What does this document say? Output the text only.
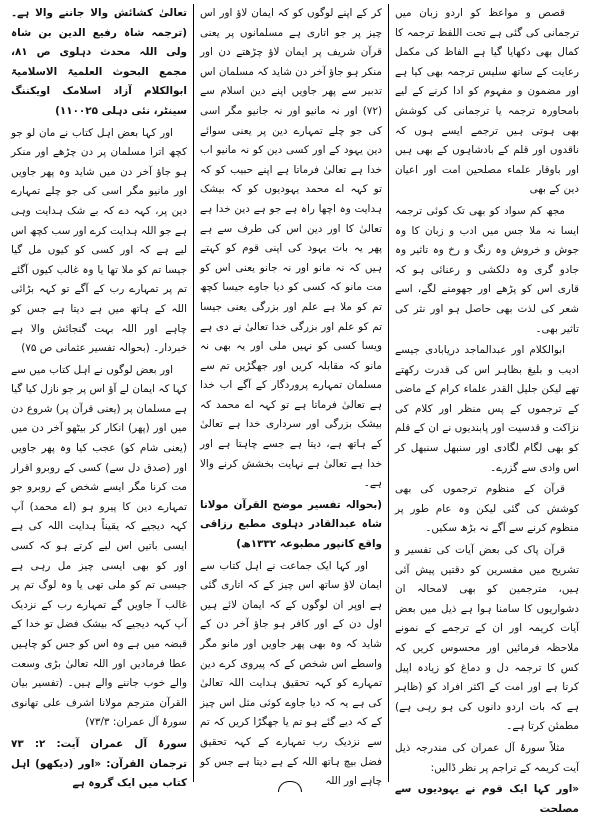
قصص و مواعظ کو اردو زبان میں ترجمانی کی گئی ہے تحت اللفظ ترجمہ کا کمال بھی دکھایا گیا ہے الفاظ کی مکمل رعایت کے ساتھ سلیس ترجمہ بھی کیا ہے اور مضمون و مفہوم کو ادا کرنے کے لیے بامحاورہ ترجمہ یا ترجمانی کی کوشش بھی ہوتی ہیں ترجمے ایسے ہوں کہ ناقدوں اور قلم کے بادشاہوں کے بھی ہیں اور باوقار علماء مصلحین امت اور اعیان دین کے بھی

مجھ کم سواد کو بھی تک کوئی ترجمہ ایسا نہ ملا جس میں ادب و زبان کا وہ جوش و خروش وہ رنگ و رخ وہ تاثیر وہ جادو گری وہ دلکشی و رعنائی ہو کہ قاری اس کو پڑھے اور جھومنے لگے، اسے شعر کی لذت بھی حاصل ہو اور نثر کی تاثیر بھی۔

ابوالکلام اور عبدالماجد دریابادی جیسے ادیب و بلیغ بظاہر اس کی قدرت رکھتے تھے لیکن جلیل القدر علماء کرام کے ماضی کے ترجموں کے پس منظر اور کلام کی نزاکت و قدسیت اور پابندیوں نے ان کے قلم کو بھی لگام لگادی اور سنبھل سنبھل کر اس وادی سے گزرے۔

قرآن کے منظوم ترجموں کی بھی کوشش کی گئی لیکن وہ عام طور پر منظوم کرنے سے آگے نہ بڑھ سکیں۔

قرآن پاک کی بعض آیات کی تفسیر و تشریح میں مفسرین کو دقتیں پیش آئی ہیں، مترجمین کو بھی لامحالہ ان دشواریوں کا سامنا ہوا ہے ذیل میں بعض آیات کریمہ اور ان کے ترجمے کے نمونے ملاحظہ فرمائیں اور محسوس کریں کہ کس کا ترجمہ دل و دماغ کو زیادہ اپیل کرتا ہے اور امت کے اکثر افراد کو (ظاہر ہے کہ بات اردو دانوں کی ہو رہی ہے) مطمئن کرتا ہے۔

مثلاً سورۂ آل عمران کی مندرجہ ذیل آیت کریمہ کے تراجم پر نظر ڈالیں:

«اور کہا ایک قوم نے یہودیوں سے مصلحت

کر کے اپنے لوگوں کو کہ ایمان لاؤ اور اس چیز پر جو اتاری ہے مسلمانوں پر یعنی قرآن شریف پر ایمان لاؤ چڑھتے دن اور منکر ہو جاؤ آخر دن شاید کہ مسلمان اس تدبیر سے پھر جاویں اپنے دین اسلام سے (۷۲) اور نہ مانیو اور نہ جانیو مگر اسی کی جو چلے تمہارے دین پر یعنی سوائے دین یہود کے اور کسی دین کو نہ مانیو اب خدا ہے تعالیٰ فرماتا ہے اپنے حبیب کو کہ تو کہہ اے محمد یہودیوں کو کہ بیشک ہدایت وہ اچھا راہ ہے جو ہے دین خدا ہے تعالیٰ کا اور دین اس کی طرف سے ہے پھر یہ بات یہود کی اپنی قوم کو کہتے ہیں کہ نہ مانو اور نہ جانو یعنی اس کو مت مانو کہ کسی کو دیا جاوے جیسا کچھ تم کو ملا ہے علم اور بزرگی یعنی جیسا تم کو علم اور بزرگی خدا تعالیٰ نے دی ہے ویسا کسی کو نہیں ملی اور یہ بھی نہ مانو کہ مقابلہ کریں اور جھگڑیں تم سے مسلمان تمہارے پروردگار کے آگے اب خدا ہے تعالیٰ فرماتا ہے تو کہہ اے محمد کہ بیشک بزرگی اور سرداری خدا ہے تعالیٰ کے ہاتھ ہے، دیتا ہے جسے چاہتا ہے اور خدا ہے تعالیٰ ہے نہایت بخشش کرنے والا ہے۔

(بحوالہ تفسیر موضح القرآن مولانا شاہ عبدالقادر دہلوی مطبع رزاقی واقع کانپور مطبوعہ ۱۳۳۲ھ)

اور کہا ایک جماعت نے اہل کتاب سے ایمان لاؤ ساتھ اس چیز کے کہ اتاری گئی ہے اوپر ان لوگوں کے کہ ایمان لائے ہیں اول دن کے اور کافر ہو جاؤ آخر دن کے شاید کہ وہ بھی پھر جاویں اور مانو مگر واسطے اس شخص کے کہ پیروی کرے دین تمہارے کو کہہ تحقیق ہدایت اللہ تعالیٰ کی ہے یہ کہ دیا جاوے کوئی مثل اس چیز کے کہ دیے گئے ہو تم یا جھگڑا کریں کہ تم سے نزدیک رب تمہارے کے کہہ تحقیق فضل بیچ ہاتھ اللہ کے ہے دیتا ہے جس کو چاہے اور اللہ

تعالیٰ کشائش والا جاننے والا ہے۔ (ترجمہ شاہ رفیع الدین بن شاہ ولی اللہ محدث دہلوی ص ۸۱، مجمع البحوث العلمیۃ الاسلامیۃ ابوالکلام آزاد اسلامک اویکننگ سینٹر، نئی دہلی ۱۱۰۰۲۵)

اور کہا بعض اہل کتاب نے مان لو جو کچھ اترا مسلمان پر دن چڑھے اور منکر ہو جاؤ آخر دن میں شاید وہ پھر جاویں اور مانیو مگر اسی کی جو چلے تمہارے دین پر، کہہ دے کہ بے شک ہدایت وہی ہے جو اللہ ہدایت کرے اور سب کچھ اس لیے ہے کہ اور کسی کو کیوں مل گیا جیسا تم کو ملا تھا یا وہ غالب کیوں آگئے تم پر تمہارے رب کے آگے تو کہہ بڑائی اللہ کے ہاتھ میں ہے دیتا ہے جس کو چاہے اور اللہ بہت گنجائش والا ہے خبردار۔ (بحوالہ تفسیر عثمانی ص ۷۵)

اور بعض لوگوں نے اہل کتاب میں سے کہا کہ ایمان لے آؤ اس پر جو نازل کیا گیا ہے مسلمان پر (یعنی قرآن پر) شروع دن میں اور (پھر) انکار کر بیٹھو آخر دن میں (یعنی شام کو) عجب کیا وہ پھر جاویں اور (صدق دل سے) کسی کے روبرو اقرار مت کرنا مگر ایسے شخص کے روبرو جو تمہارے دین کا پیرو ہو (اے محمد) آپ کہہ دیجیے کہ یقیناً ہدایت اللہ کی ہے ایسی باتیں اس لیے کرتے ہو کہ کسی اور کو بھی ایسی چیز مل رہی ہے جیسی تم کو ملی تھی یا وہ لوگ تم پر غالب آ جاویں گے تمہارے رب کے نزدیک آپ کہہ دیجیے کہ بیشک فضل تو خدا کے قبضہ میں ہے وہ اس کو جس کو چاہیں عطا فرمادیں اور اللہ تعالیٰ بڑی وسعت والے خوب جاننے والے ہیں۔ (تفسیر بیان القرآن مترجم مولانا اشرف علی تھانوی سورۂ آل عمران: ۷۳/۳)

سورۂ آل عمران آیت: ۲: ۷۳ ترجمان القرآن: «اور (دیکھو) اہل کتاب میں ایک گروہ ہے
